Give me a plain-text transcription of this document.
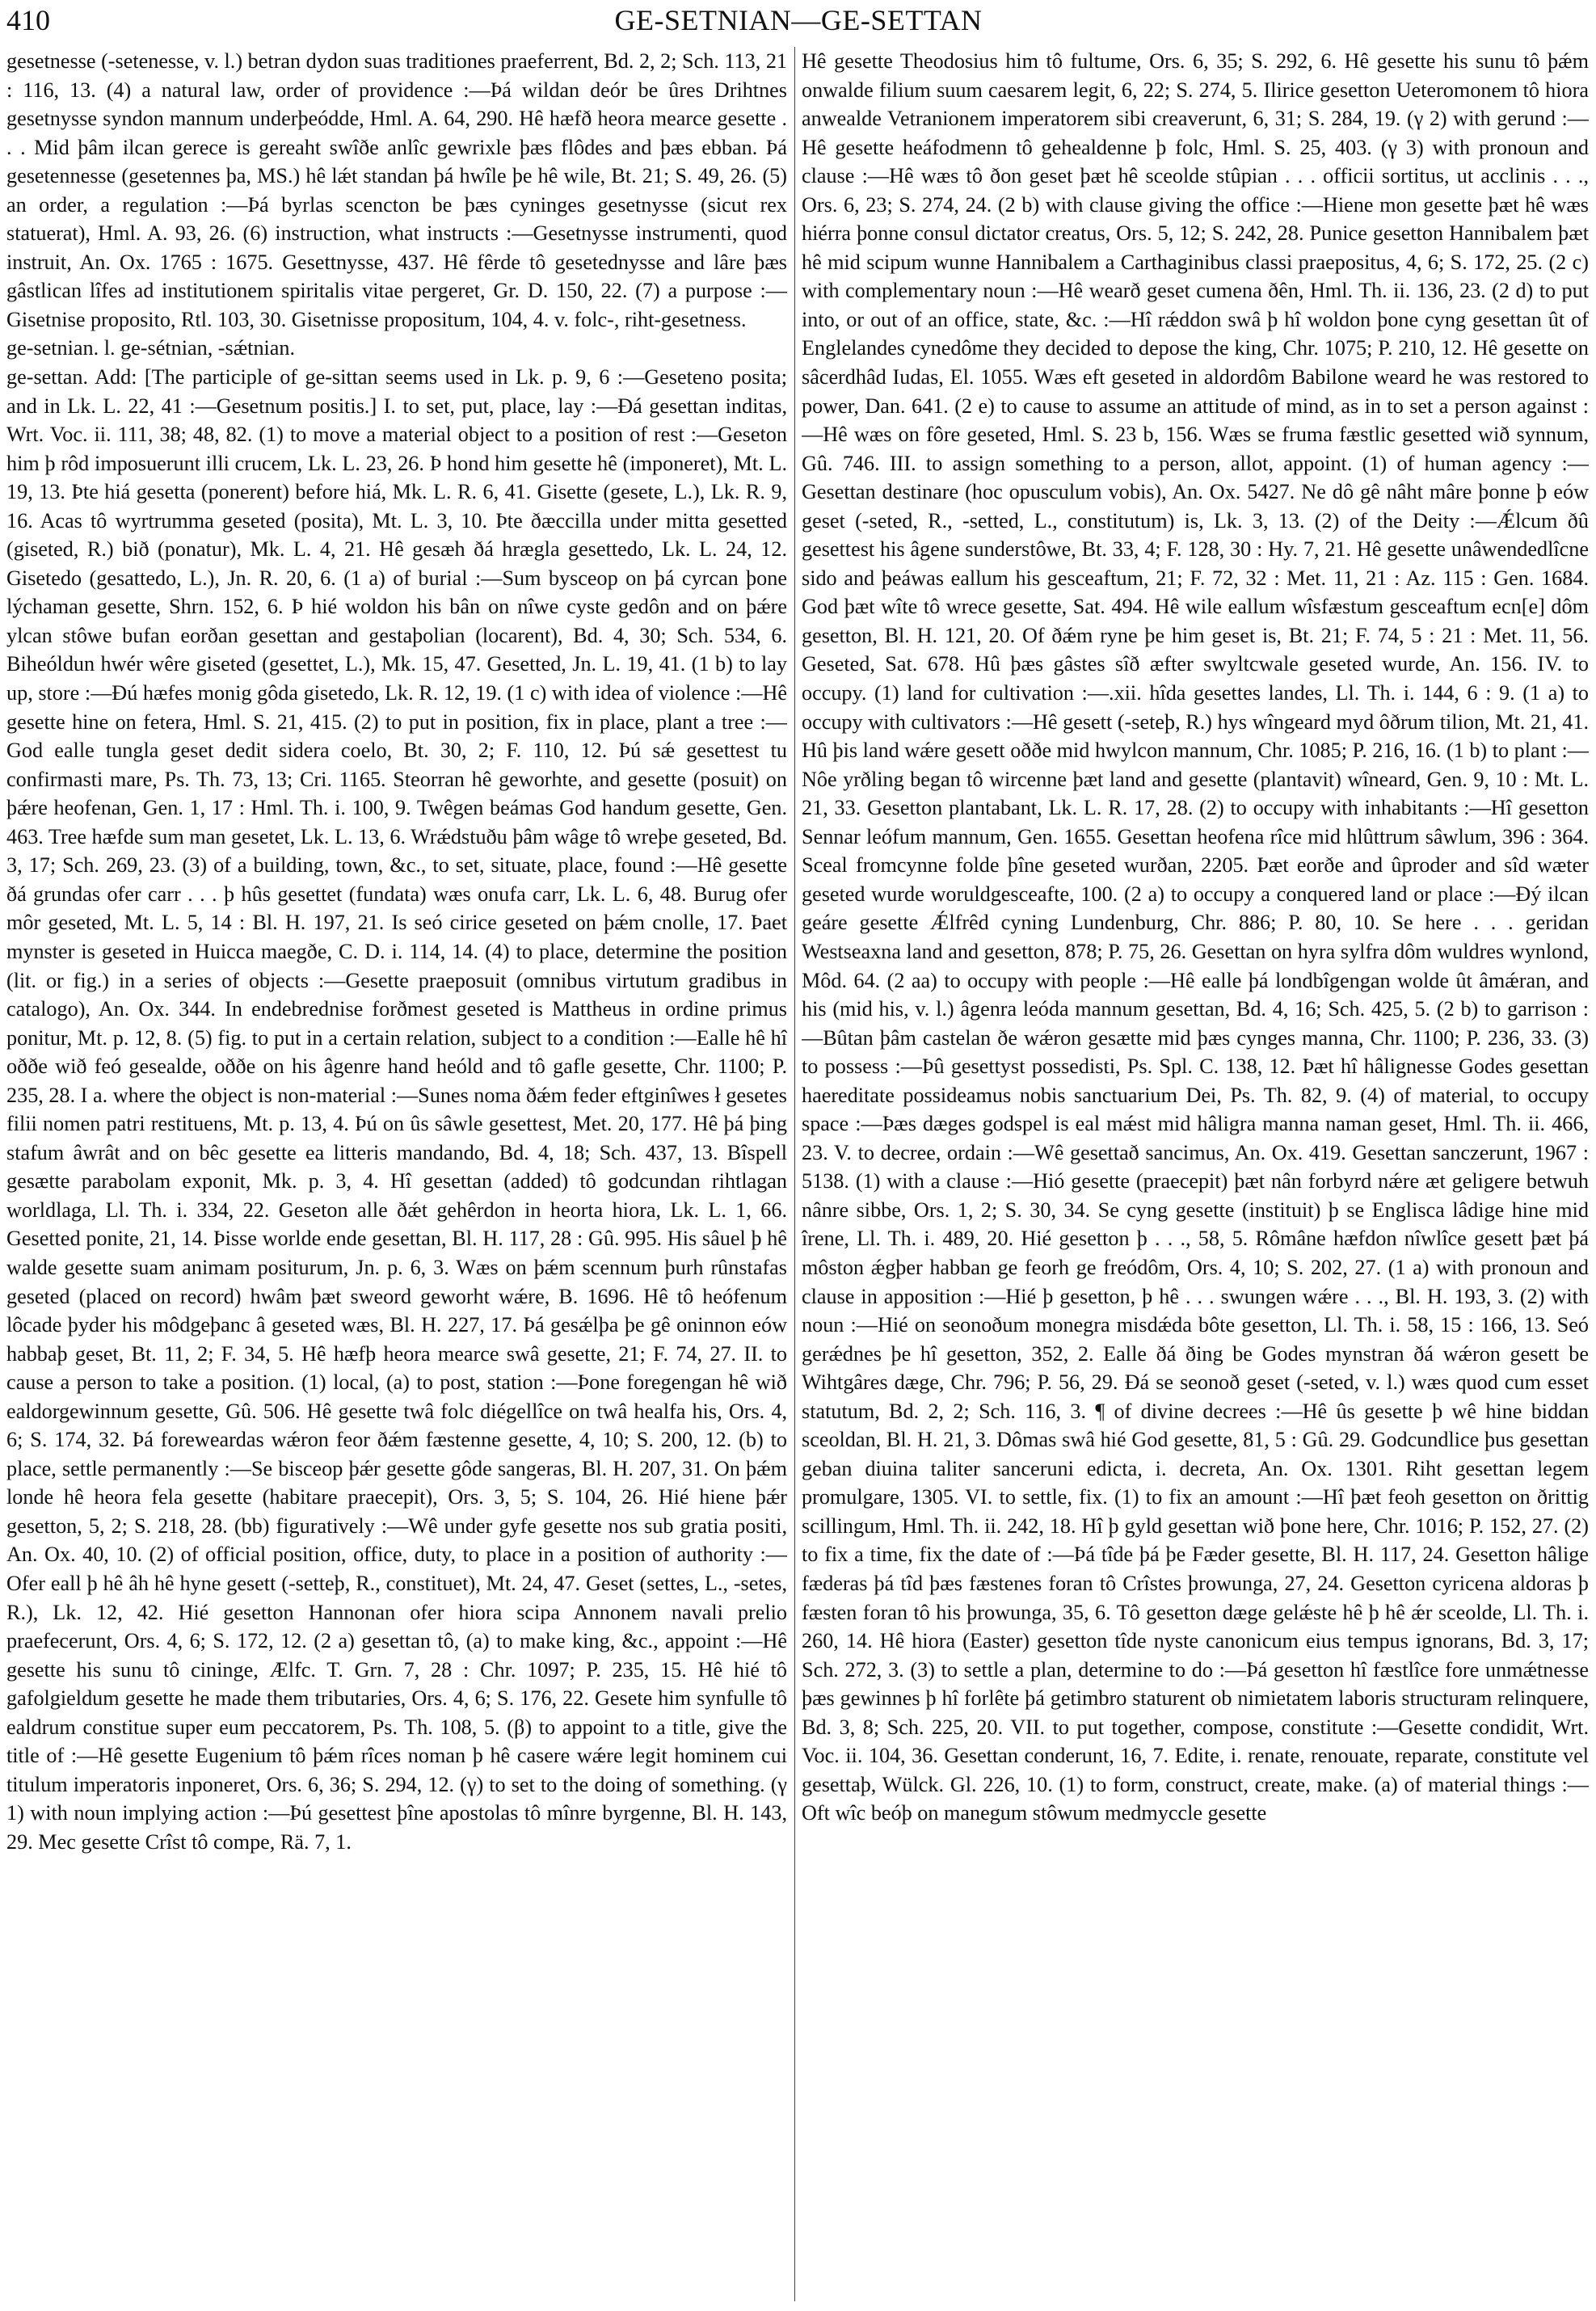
410	GE-SETNIAN—GE-SETTAN

gesetnesse (-setenesse, v. l.) betran dydon suas traditiones praeferrent, Bd. 2, 2; Sch. 113, 21 : 116, 13. (4) a natural law, order of providence :—Þá wildan deór be ûres Drihtnes gesetnysse syndon mannum underþeódde, Hml. A. 64, 290. Hê hæfð heora mearce gesette . . . Mid þâm ilcan gerece is gereaht swîðe anlîc gewrixle þæs flôdes and þæs ebban. Þá gesetennesse (gesetennes þa, MS.) hê lǽt standan þá hwîle þe hê wile, Bt. 21; S. 49, 26. (5) an order, a regulation :—Þá byrlas scencton be þæs cyninges gesetnysse (sicut rex statuerat), Hml. A. 93, 26. (6) instruction, what instructs :—Gesetnysse instrumenti, quod instruit, An. Ox. 1765 : 1675. Gesettnysse, 437. Hê fêrde tô gesetednysse and lâre þæs gâstlican lîfes ad institutionem spiritalis vitae pergeret, Gr. D. 150, 22. (7) a purpose :—Gisetnise proposito, Rtl. 103, 30. Gisetnisse propositum, 104, 4. v. folc-, riht-gesetness.

ge-setnian. l. ge-sétnian, -sǽtnian.

ge-settan. Add: [The participle of ge-sittan seems used in Lk. p. 9, 6 :—Geseteno posita; and in Lk. L. 22, 41 :—Gesetnum positis.] I. to set, put, place, lay :—Ðá gesettan inditas, Wrt. Voc. ii. 111, 38; 48, 82. (1) to move a material object to a position of rest :—Geseton him þ rôd imposuerunt illi crucem, Lk. L. 23, 26. Þ hond him gesette hê (imponeret), Mt. L. 19, 13. Þte hiá gesetta (ponerent) before hiá, Mk. L. R. 6, 41. Gisette (gesete, L.), Lk. R. 9, 16. Acas tô wyrtrumma geseted (posita), Mt. L. 3, 10. Þte ðæccilla under mitta gesetted (giseted, R.) bið (ponatur), Mk. L. 4, 21. Hê gesæh ðá hræglа gesettedo, Lk. L. 24, 12. Gisetedo (gesattedo, L.), Jn. R. 20, 6. (1 a) of burial :—Sum bysceop on þá cyrcan þone lýchaman gesette, Shrn. 152, 6. Þ hié woldon his bân on nîwe cyste gedôn and on þǽre ylcan stôwe bufan eorðan gesettan and gestaþolian (locarent), Bd. 4, 30; Sch. 534, 6. Biheóldun hwér wêre giseted (gesettet, L.), Mk. 15, 47. Gesetted, Jn. L. 19, 41. (1 b) to lay up, store :—Ðú hæfes monig gôda gisetedo, Lk. R. 12, 19. (1 c) with idea of violence :—Hê gesette hine on fetera, Hml. S. 21, 415. (2) to put in position, fix in place, plant a tree :—God ealle tungla geset dedit sidera coelo, Bt. 30, 2; F. 110, 12. Þú sǽ gesettest tu confirmasti mare, Ps. Th. 73, 13; Cri. 1165. Steorran hê geworhte, and gesette (posuit) on þǽre heofenan, Gen. 1, 17 : Hml. Th. i. 100, 9. Twêgen beámas God handum gesette, Gen. 463. Tree hæfde sum man gesetet, Lk. L. 13, 6. Wrǽdstuðu þâm wâge tô wreþe geseted, Bd. 3, 17; Sch. 269, 23. (3) of a building, town, &c., to set, situate, place, found :—Hê gesette ðá grundas ofer carr . . . þ hûs gesettet (fundata) wæs onufa carr, Lk. L. 6, 48. Burug ofer môr geseted, Mt. L. 5, 14 : Bl. H. 197, 21. Is seó cirice geseted on þǽm cnolle, 17. Þaet mynster is geseted in Huicca maegðe, C. D. i. 114, 14. (4) to place, determine the position (lit. or fig.) in a series of objects :—Gesette praeposuit (omnibus virtutum gradibus in catalogo), An. Ox. 344. In endebrednise forðmest geseted is Mattheus in ordine primus ponitur, Mt. p. 12, 8. (5) fig. to put in a certain relation, subject to a condition :—Ealle hê hî oððe wið feó gesealde, oððe on his âgenre hand heóld and tô gafle gesette, Chr. 1100; P. 235, 28. I a. where the object is non-material :—Sunes noma ðǽm feder eftginîwes ł gesetes filii nomen patri restituens, Mt. p. 13, 4. Þú on ûs sâwle gesettest, Met. 20, 177. Hê þá þing stafum âwrât and on bêc gesette ea litteris mandando, Bd. 4, 18; Sch. 437, 13. Bîspell gesætte parabolam exponit, Mk. p. 3, 4. Hî gesettan (added) tô godcundan rihtlagan worldlaga, Ll. Th. i. 334, 22. Geseton alle ðǽt gehêrdon in heorta hiora, Lk. L. 1, 66. Gesetted ponite, 21, 14. Þisse worlde ende gesettan, Bl. H. 117, 28 : Gû. 995. His sâuel þ hê walde gesette suam animam positurum, Jn. p. 6, 3. Wæs on þǽm scennum þurh rûnstafas geseted (placed on record) hwâm þæt sweord geworht wǽre, B. 1696. Hê tô heófenum lôcade þyder his môdgeþanc â geseted wæs, Bl. H. 227, 17. Þá gesǽlþa þe gê oninnon eów habbaþ geset, Bt. 11, 2; F. 34, 5. Hê hæfþ heora mearce swâ gesette, 21; F. 74, 27. II. to cause a person to take a position. (1) local, (a) to post, station :—Þone foregengan hê wið ealdorgewinnum gesette, Gû. 506. Hê gesette twâ folc diégellîce on twâ healfa his, Ors. 4, 6; S. 174, 32. Þá foreweardas wǽron feor ðǽm fæstenne gesette, 4, 10; S. 200, 12. (b) to place, settle permanently :—Se bisceop þǽr gesette gôde sangeras, Bl. H. 207, 31. On þǽm londe hê heora fela gesette (habitare praecepit), Ors. 3, 5; S. 104, 26. Hié hiene þǽr gesetton, 5, 2; S. 218, 28. (bb) figuratively :—Wê under gyfe gesette nos sub gratia positi, An. Ox. 40, 10. (2) of official position, office, duty, to place in a position of authority :—Ofer eall þ hê âh hê hyne gesett (-setteþ, R., constituet), Mt. 24, 47. Geset (settes, L., -setes, R.), Lk. 12, 42. Hié gesetton Hannonan ofer hiora scipa Annonem navali prelio praefecerunt, Ors. 4, 6; S. 172, 12. (2 a) gesettan tô, (a) to make king, &c., appoint :—Hê gesette his sunu tô cininge, Ælfc. T. Grn. 7, 28 : Chr. 1097; P. 235, 15. Hê hié tô gafolgieldum gesette he made them tributaries, Ors. 4, 6; S. 176, 22. Gesete him synfulle tô ealdrum constitue super eum peccatorem, Ps. Th. 108, 5. (β) to appoint to a title, give the title of :—Hê gesette Eugenium tô þǽm rîces noman þ hê casere wǽre legit hominem cui titulum imperatoris inponeret, Ors. 6, 36; S. 294, 12. (γ) to set to the doing of something. (γ 1) with noun implying action :—Þú gesettest þîne apostolas tô mînre byrgenne, Bl. H. 143, 29. Mec gesette Crîst tô compe, Rä. 7, 1.

Hê gesette Theodosius him tô fultume, Ors. 6, 35; S. 292, 6. Hê gesette his sunu tô þǽm onwalde filium suum caesarem legit, 6, 22; S. 274, 5. Ilirice gesetton Ueteromonem tô hiora anwealde Vetranionem imperatorem sibi creaverunt, 6, 31; S. 284, 19. (γ 2) with gerund :—Hê gesette heáfodmenn tô gehealdenne þ folc, Hml. S. 25, 403. (γ 3) with pronoun and clause :—Hê wæs tô ðon geset þæt hê sceolde stûpian . . . officii sortitus, ut acclinis . . ., Ors. 6, 23; S. 274, 24. (2 b) with clause giving the office :—Hiene mon gesette þæt hê wæs hiérra þonne consul dictator creatus, Ors. 5, 12; S. 242, 28. Punice gesetton Hannibalem þæt hê mid scipum wunne Hannibalem a Carthaginibus classi praepositus, 4, 6; S. 172, 25. (2 c) with complementary noun :—Hê wearð geset cumena ðên, Hml. Th. ii. 136, 23. (2 d) to put into, or out of an office, state, &c. :—Hî rǽddon swâ þ hî woldon þone cyng gesettan ût of Englelandes cynedôme they decided to depose the king, Chr. 1075; P. 210, 12. Hê gesette on sâcerdhâd Iudas, El. 1055. Wæs eft geseted in aldordôm Babilone weard he was restored to power, Dan. 641. (2 e) to cause to assume an attitude of mind, as in to set a person against :—Hê wæs on fôre geseted, Hml. S. 23 b, 156. Wæs se fruma fæstlic gesetted wið synnum, Gû. 746. III. to assign something to a person, allot, appoint. (1) of human agency :—Gesettan destinare (hoc opusculum vobis), An. Ox. 5427. Ne dô gê nâht mâre þonne þ eów geset (-seted, R., -setted, L., constitutum) is, Lk. 3, 13. (2) of the Deity :—Ǽlcum ðû gesettest his âgene sunderstôwe, Bt. 33, 4; F. 128, 30 : Hy. 7, 21. Hê gesette unâwendedlîcne sido and þeáwas eallum his gesceaftum, 21; F. 72, 32 : Met. 11, 21 : Az. 115 : Gen. 1684. God þæt wîte tô wrece gesette, Sat. 494. Hê wile eallum wîsfæstum gesceaftum ecn[e] dôm gesetton, Bl. H. 121, 20. Of ðǽm ryne þe him geset is, Bt. 21; F. 74, 5 : 21 : Met. 11, 56. Geseted, Sat. 678. Hû þæs gâstes sîð æfter swyltcwale geseted wurde, An. 156. IV. to occupy. (1) land for cultivation :—.xii. hîda gesettes landes, Ll. Th. i. 144, 6 : 9. (1 a) to occupy with cultivators :—Hê gesett (-seteþ, R.) hys wîngeard myd ôðrum tilion, Mt. 21, 41. Hû þis land wǽre gesett oððe mid hwylcon mannum, Chr. 1085; P. 216, 16. (1 b) to plant :—Nôe yrðling began tô wircenne þæt land and gesette (plantavit) wîneard, Gen. 9, 10 : Mt. L. 21, 33. Gesetton plantabant, Lk. L. R. 17, 28. (2) to occupy with inhabitants :—Hî gesetton Sennar leófum mannum, Gen. 1655. Gesettan heofena rîce mid hlûttrum sâwlum, 396 : 364. Sceal fromcynne folde þîne geseted wurðan, 2205. Þæt eorðe and ûproder and sîd wæter geseted wurde woruldgesceafte, 100. (2 a) to occupy a conquered land or place :—Ðý ilcan geáre gesette Ǽlfrêd cyning Lundenburg, Chr. 886; P. 80, 10. Se here . . . geridan Westseaxna land and gesetton, 878; P. 75, 26. Gesettan on hyra sylfra dôm wuldres wynlond, Môd. 64. (2 aa) to occupy with people :—Hê ealle þá londbîgengan wolde ût âmǽran, and his (mid his, v. l.) âgenra leóda mannum gesettan, Bd. 4, 16; Sch. 425, 5. (2 b) to garrison :—Bûtan þâm castelan ðe wǽron gesætte mid þæs cynges manna, Chr. 1100; P. 236, 33. (3) to possess :—Þû gesettyst possedisti, Ps. Spl. C. 138, 12. Þæt hî hâlignesse Godes gesettan haereditate possideamus nobis sanctuarium Dei, Ps. Th. 82, 9. (4) of material, to occupy space :—Þæs dæges godspel is eal mǽst mid hâligra manna naman geset, Hml. Th. ii. 466, 23. V. to decree, ordain :—Wê gesettað sancimus, An. Ox. 419. Gesettan sanczerunt, 1967 : 5138. (1) with a clause :—Hió gesette (praecepit) þæt nân forbyrd nǽre æt geligere betwuh nânre sibbe, Ors. 1, 2; S. 30, 34. Se cyng gesette (instituit) þ se Englisca lâdige hine mid îrene, Ll. Th. i. 489, 20. Hié gesetton þ . . ., 58, 5. Rômâne hæfdon nîwlîce gesett þæt þá môston ǽgþer habban ge feorh ge freódôm, Ors. 4, 10; S. 202, 27. (1 a) with pronoun and clause in apposition :—Hié þ gesetton, þ hê . . . swungen wǽre . . ., Bl. H. 193, 3. (2) with noun :—Hié on seonoðum monegra misdǽda bôte gesetton, Ll. Th. i. 58, 15 : 166, 13. Seó gerǽdnes þe hî gesetton, 352, 2. Ealle ðá ðing be Godes mynstran ðá wǽron gesett be Wihtgâres dæge, Chr. 796; P. 56, 29. Ðá se seonoð geset (-seted, v. l.) wæs quod cum esset statutum, Bd. 2, 2; Sch. 116, 3. ¶ of divine decrees :—Hê ûs gesette þ wê hine biddan sceoldan, Bl. H. 21, 3. Dômas swâ hié God gesette, 81, 5 : Gû. 29. Godcundlice þus gesettan geban diuina taliter sanceruni edicta, i. decreta, An. Ox. 1301. Riht gesettan legem promulgare, 1305. VI. to settle, fix. (1) to fix an amount :—Hî þæt feoh gesetton on ðrittig scillingum, Hml. Th. ii. 242, 18. Hî þ gyld gesettan wið þone here, Chr. 1016; P. 152, 27. (2) to fix a time, fix the date of :—Þá tîde þá þe Fæder gesette, Bl. H. 117, 24. Gesetton hâlige fæderas þá tîd þæs fæstenes foran tô Crîstes þrowunga, 27, 24. Gesetton cyricena aldoras þ fæsten foran tô his þrowunga, 35, 6. Tô gesetton dæge gelǽste hê þ hê ǽr sceolde, Ll. Th. i. 260, 14. Hê hiora (Easter) gesetton tîde nyste canonicum eius tempus ignorans, Bd. 3, 17; Sch. 272, 3. (3) to settle a plan, determine to do :—Þá gesetton hî fæstlîce fore unmǽtnesse þæs gewinnes þ hî forlête þá getimbro staturent ob nimietatem laboris structuram relinquere, Bd. 3, 8; Sch. 225, 20. VII. to put together, compose, constitute :—Gesette condidit, Wrt. Voc. ii. 104, 36. Gesettan conderunt, 16, 7. Edite, i. renate, renouate, reparate, constitute vel gesettaþ, Wülck. Gl. 226, 10. (1) to form, construct, create, make. (a) of material things :—Oft wîc beóþ on manegum stôwum medmycclе gesette
